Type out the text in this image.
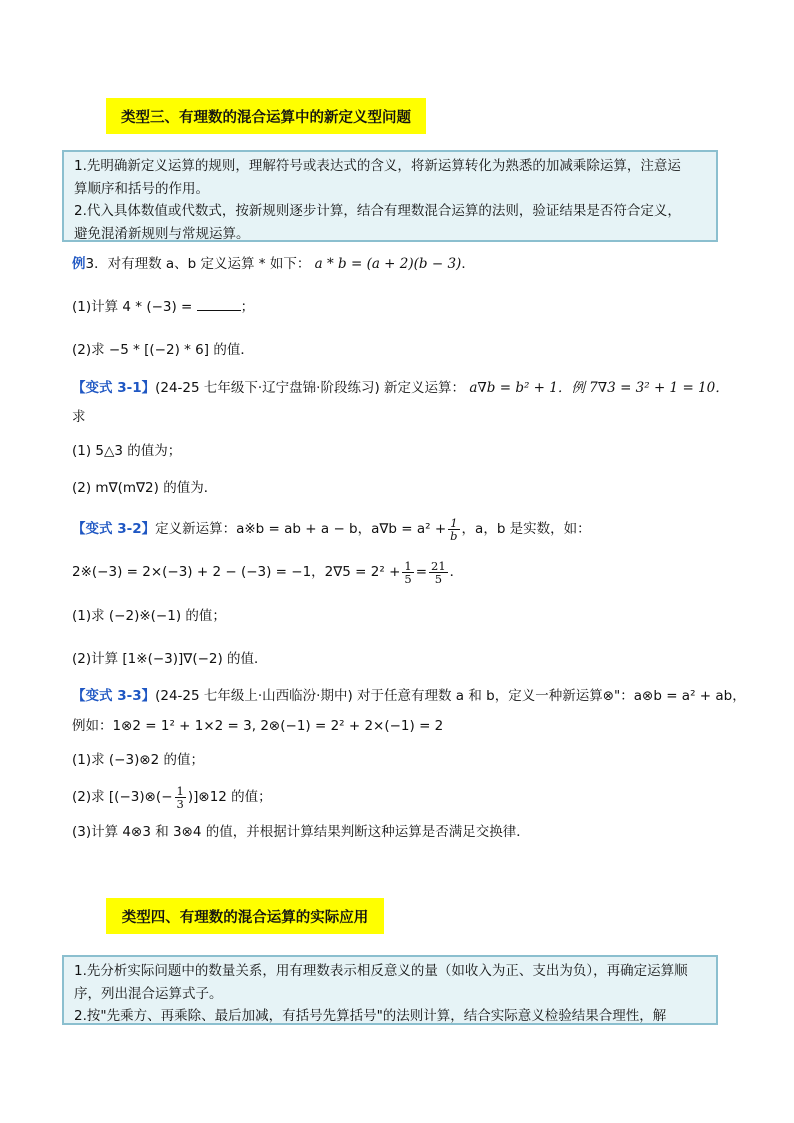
类型三、有理数的混合运算中的新定义型问题

1.先明确新定义运算的规则，理解符号或表达式的含义，将新运算转化为熟悉的加减乘除运算，注意运

算顺序和括号的作用。

2.代入具体数值或代数式，按新规则逐步计算，结合有理数混合运算的法则，验证结果是否符合定义，

避免混淆新规则与常规运算。

例3．对有理数 a、b 定义运算 * 如下： a * b = (a + 2)(b − 3)．
(1)计算 4 * (−3) =	；
(2)求 −5 * [(−2) * 6] 的值．
【变式 3-1】(24-25 七年级下·辽宁盘锦·阶段练习) 新定义运算： a∇b = b² + 1．例 7∇3 = 3² + 1 = 10．
求
(1) 5△3 的值为；
(2) m∇(m∇2) 的值为．
【变式 3-2】定义新运算：a※b = ab + a − b，$a\nabla b = a^2 + \frac{1}{b}$ ，a，b 是实数，如：
2※(−3) = 2×(−3) + 2 − (−3) = −1，$2\nabla 5 = 2^2 + \frac{1}{5} = \frac{21}{5}$ ．
(1)求 (−2)※(−1) 的值；
(2)计算 [1※(−3)]∇(−2) 的值．
【变式 3-3】(24-25 七年级上·山西临汾·期中) 对于任意有理数 a 和 b，定义一种新运算⊗"：a⊗b = a² + ab，
例如：1⊗2 = 1² + 1×2 = 3, 2⊗(−1) = 2² + 2×(−1) = 2
(1)求 (−3)⊗2 的值；
(2)求 [(−3)⊗(− $\frac{1}{3}$ )]⊗12 的值；
(3)计算 4⊗3 和 3⊗4 的值，并根据计算结果判断这种运算是否满足交换律．
类型四、有理数的混合运算的实际应用

1.先分析实际问题中的数量关系，用有理数表示相反意义的量（如收入为正、支出为负），再确定运算顺

序，列出混合运算式子。

2.按"先乘方、再乘除、最后加减，有括号先算括号"的法则计算，结合实际意义检验结果合理性，解
